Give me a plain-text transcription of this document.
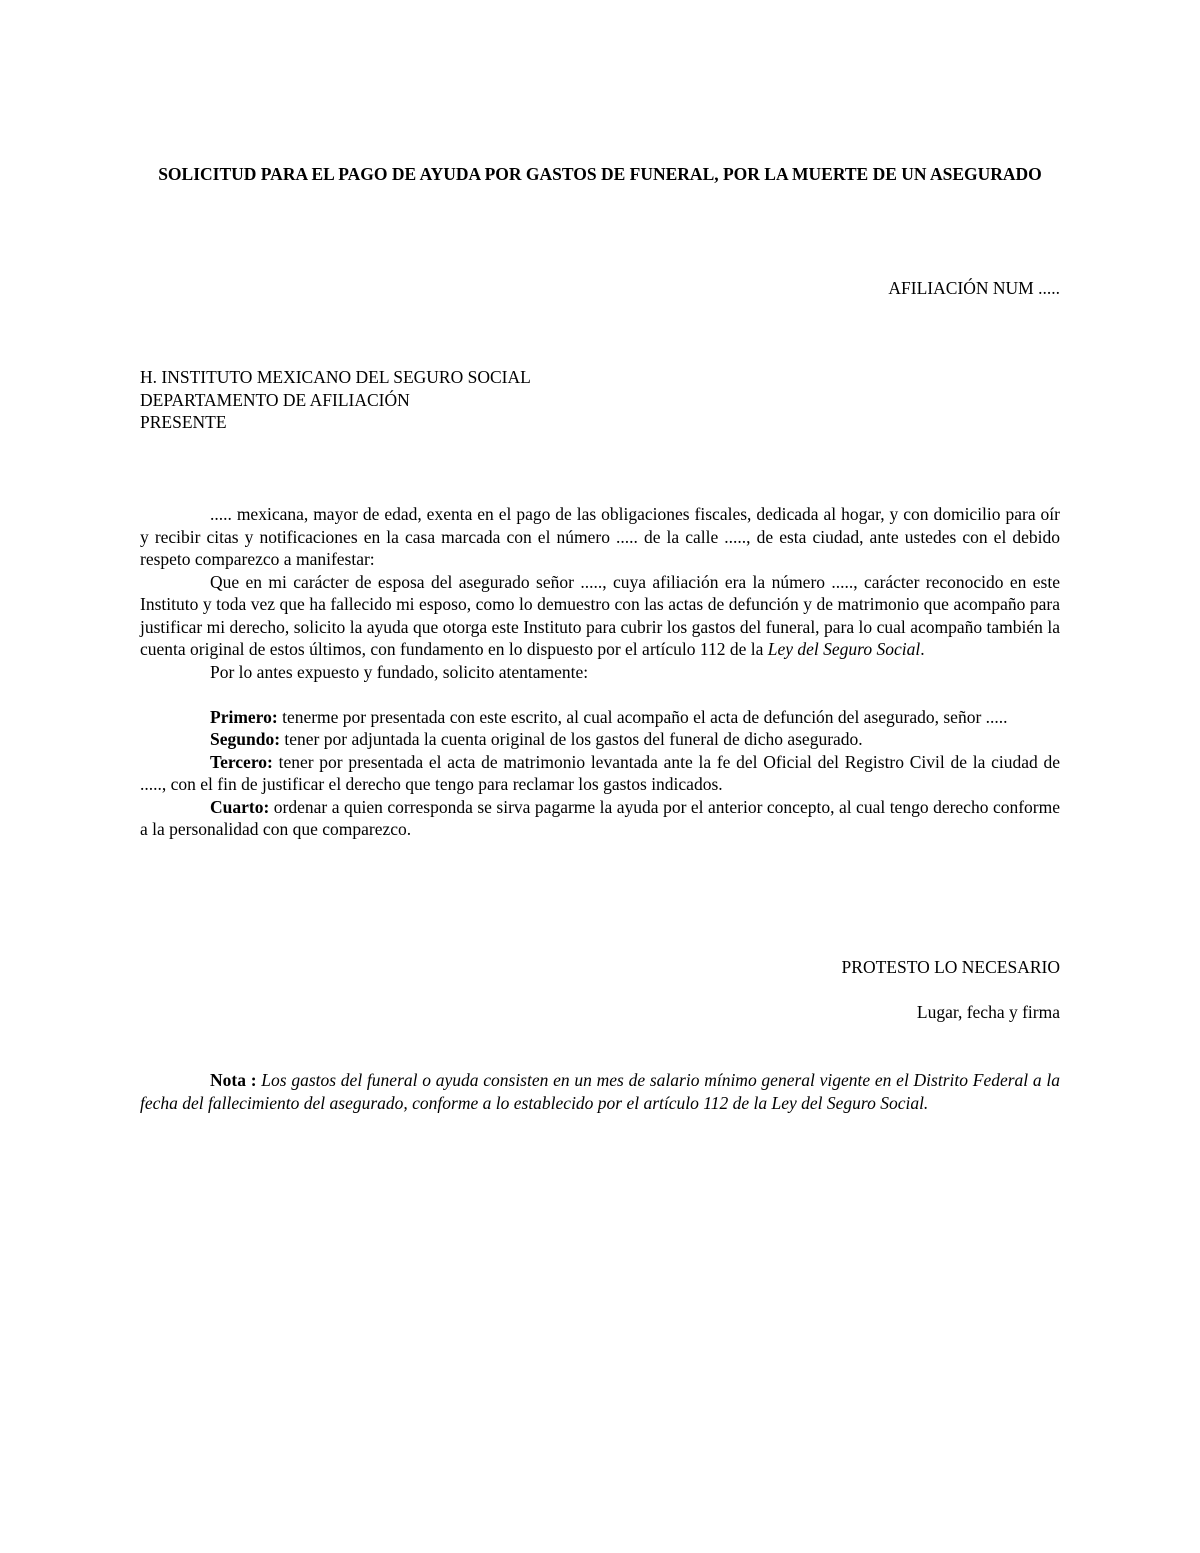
SOLICITUD PARA EL PAGO DE AYUDA POR GASTOS DE FUNERAL, POR LA MUERTE DE UN ASEGURADO
AFILIACIÓN NUM .....
H. INSTITUTO MEXICANO DEL SEGURO SOCIAL
DEPARTAMENTO DE AFILIACIÓN
PRESENTE

..... mexicana, mayor de edad, exenta en el pago de las obligaciones fiscales, dedicada al hogar, y con domicilio para oír y recibir citas y notificaciones en la casa marcada con el número ..... de la calle ....., de esta ciudad, ante ustedes con el debido respeto comparezco a manifestar:

Que en mi carácter de esposa del asegurado señor ....., cuya afiliación era la número ....., carácter reconocido en este Instituto y toda vez que ha fallecido mi esposo, como lo demuestro con las actas de defunción y de matrimonio que acompaño para justificar mi derecho, solicito la ayuda que otorga este Instituto para cubrir los gastos del funeral, para lo cual acompaño también la cuenta original de estos últimos, con fundamento en lo dispuesto por el artículo 112 de la Ley del Seguro Social.

Por lo antes expuesto y fundado, solicito atentamente:

Primero: tenerme por presentada con este escrito, al cual acompaño el acta de defunción del asegurado, señor .....

Segundo: tener por adjuntada la cuenta original de los gastos del funeral de dicho asegurado.

Tercero: tener por presentada el acta de matrimonio levantada ante la fe del Oficial del Registro Civil de la ciudad de ....., con el fin de justificar el derecho que tengo para reclamar los gastos indicados.

Cuarto: ordenar a quien corresponda se sirva pagarme la ayuda por el anterior concepto, al cual tengo derecho conforme a la personalidad con que comparezco.

PROTESTO LO NECESARIO
Lugar, fecha y firma

Nota : Los gastos del funeral o ayuda consisten en un mes de salario mínimo general vigente en el Distrito Federal a la fecha del fallecimiento del asegurado, conforme a lo establecido por el artículo 112 de la Ley del Seguro Social.
